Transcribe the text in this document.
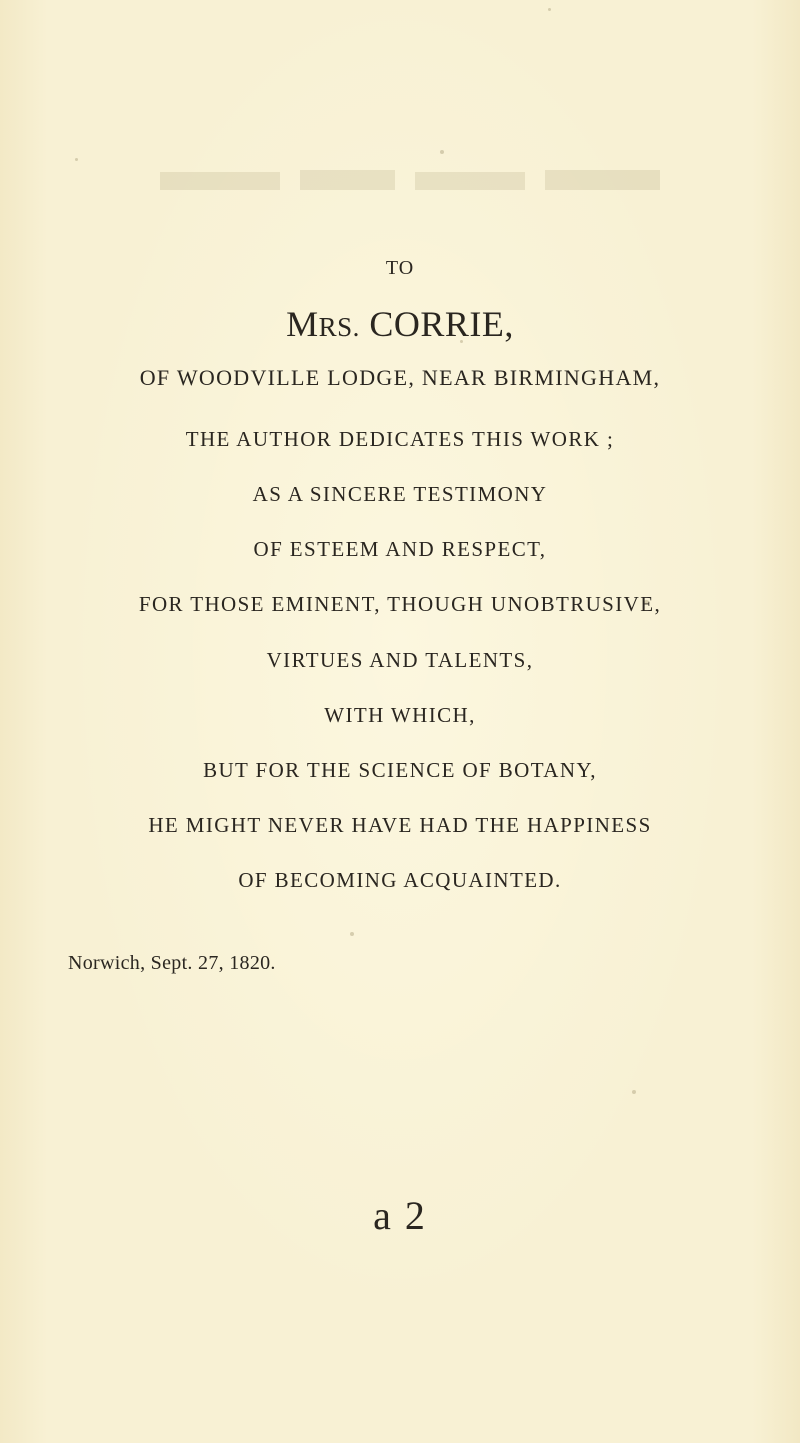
TO
MRS. CORRIE,
OF WOODVILLE LODGE, NEAR BIRMINGHAM,
THE AUTHOR DEDICATES THIS WORK ;
AS A SINCERE TESTIMONY
OF ESTEEM AND RESPECT,
FOR THOSE EMINENT, THOUGH UNOBTRUSIVE,
VIRTUES AND TALENTS,
WITH WHICH,
BUT FOR THE SCIENCE OF BOTANY,
HE MIGHT NEVER HAVE HAD THE HAPPINESS
OF BECOMING ACQUAINTED.
Norwich, Sept. 27, 1820.
a 2
